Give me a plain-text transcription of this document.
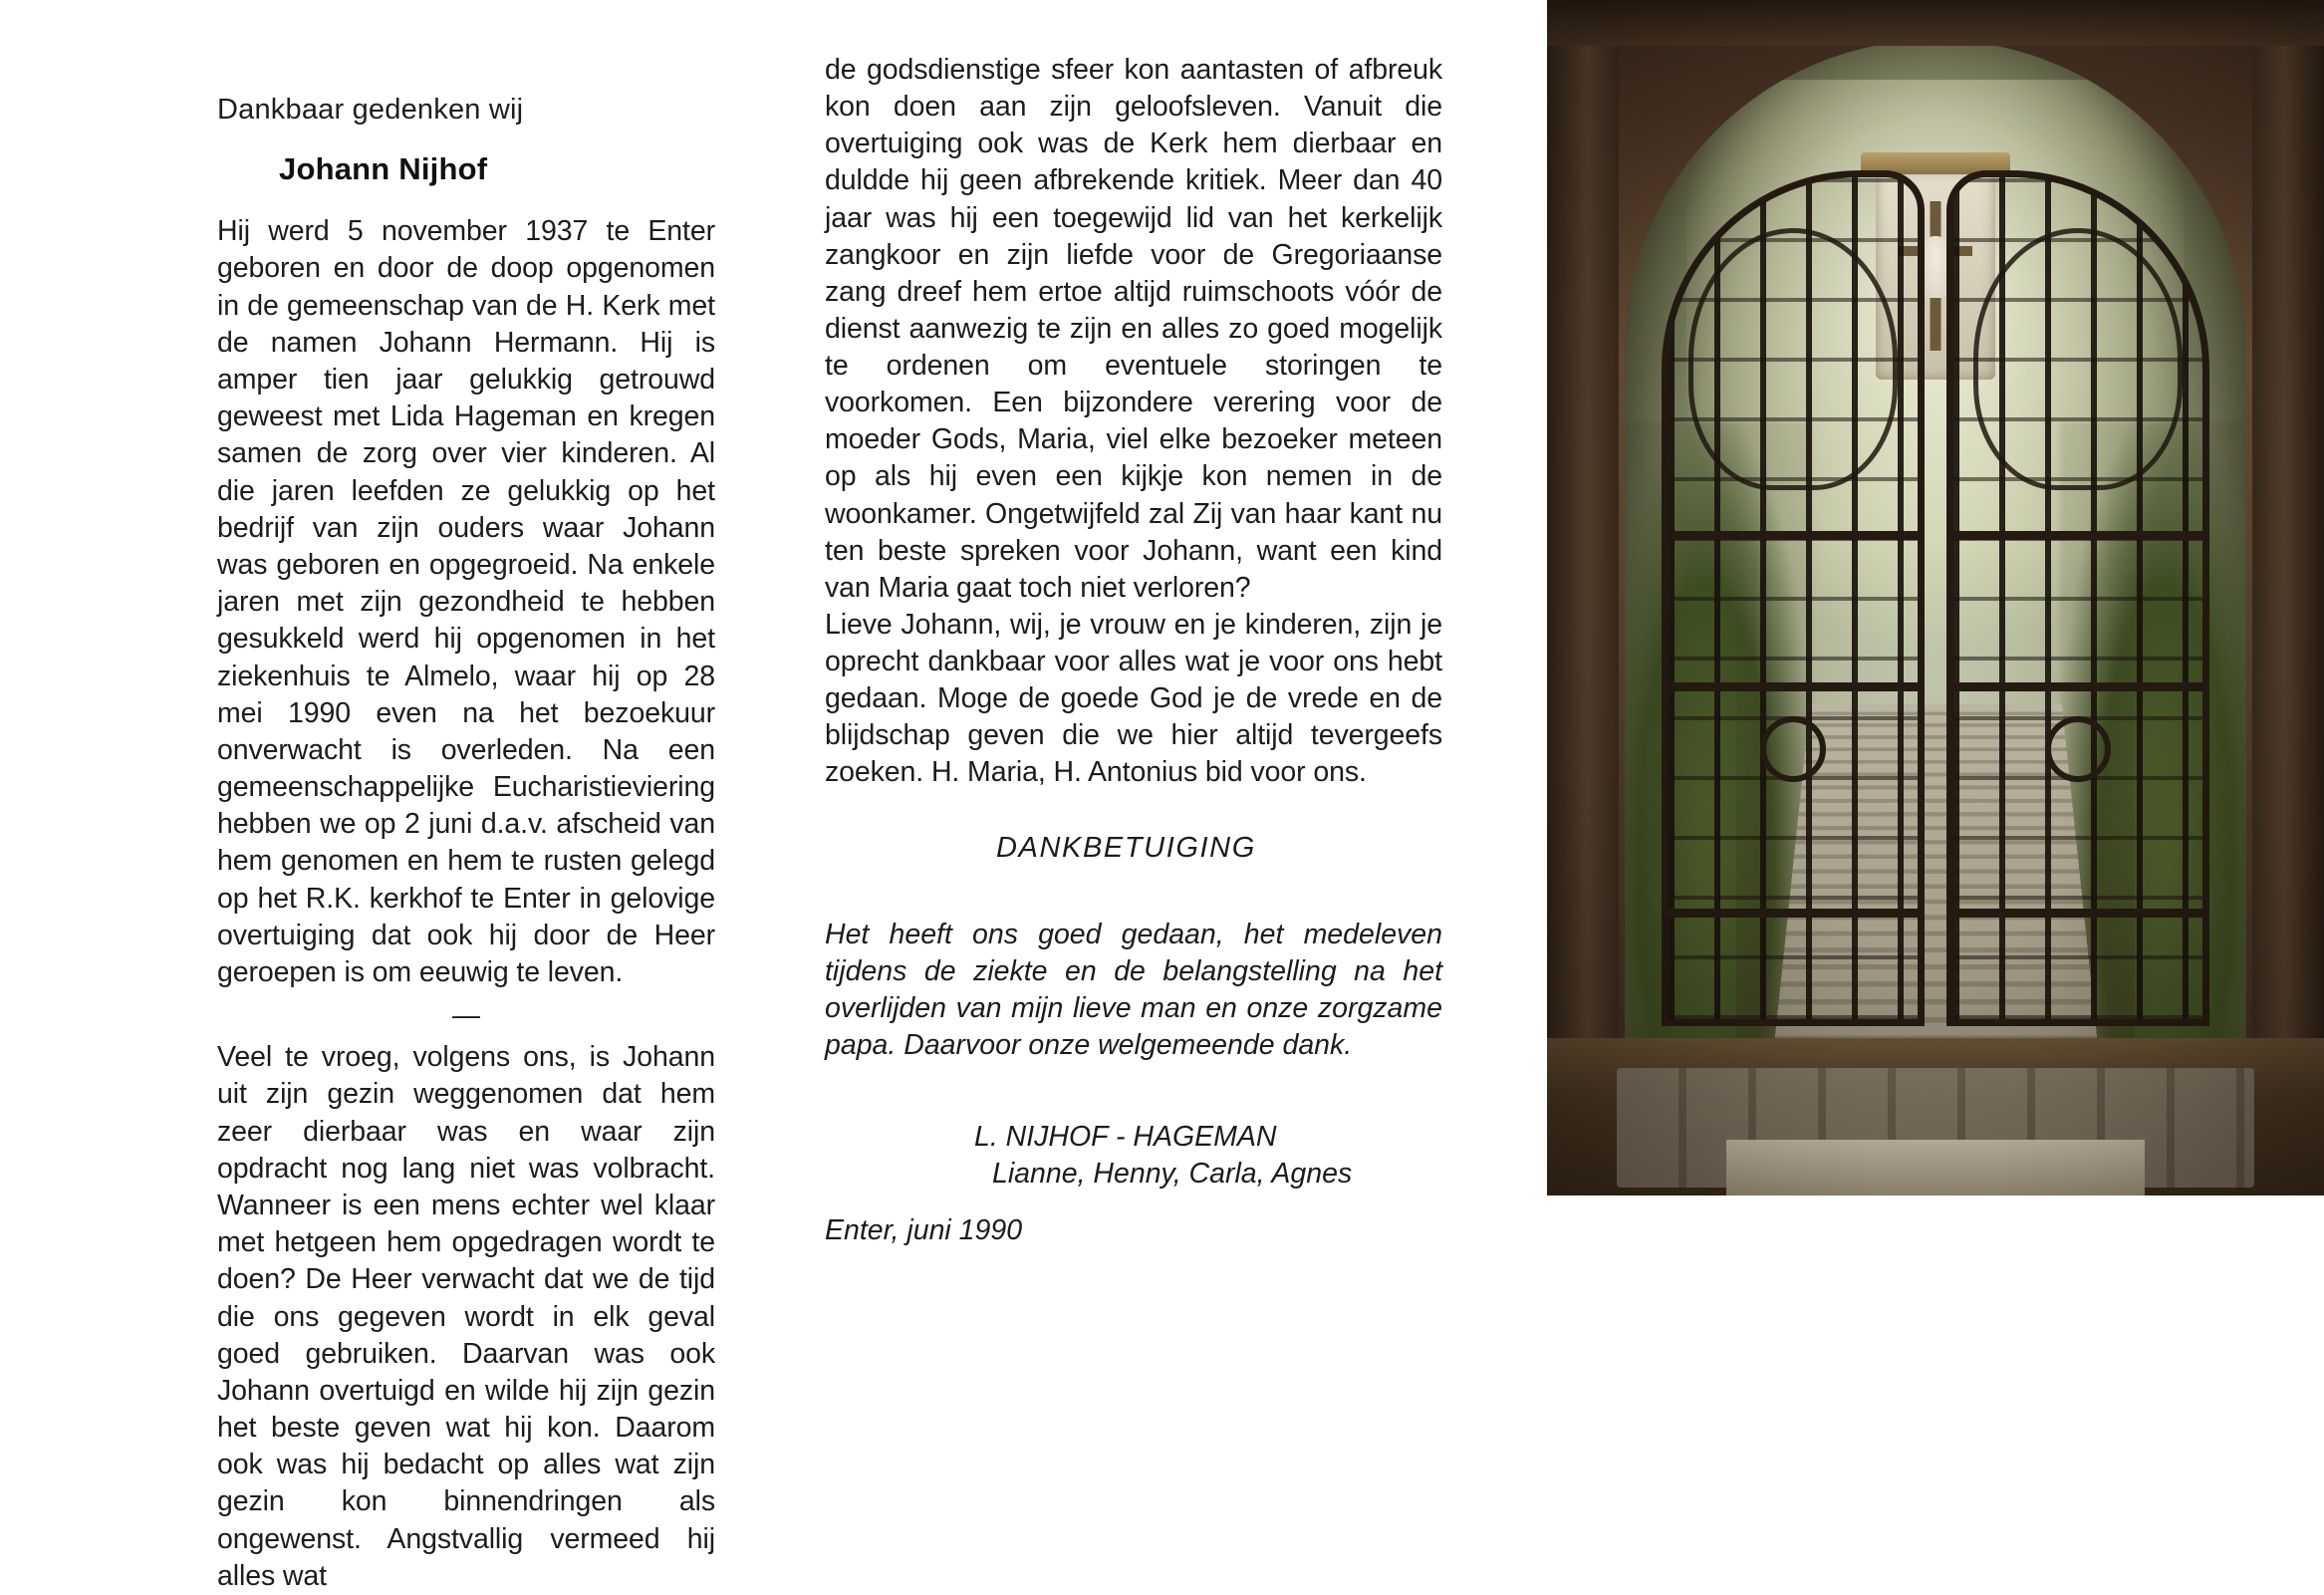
Dankbaar gedenken wij
Johann Nijhof

Hij werd 5 november 1937 te Enter geboren en door de doop opgenomen in de gemeenschap van de H. Kerk met de namen Johann Hermann. Hij is amper tien jaar gelukkig getrouwd geweest met Lida Hageman en kregen samen de zorg over vier kinderen. Al die jaren leefden ze gelukkig op het bedrijf van zijn ouders waar Johann was geboren en opgegroeid. Na enkele jaren met zijn gezondheid te hebben gesukkeld werd hij opgenomen in het ziekenhuis te Almelo, waar hij op 28 mei 1990 even na het bezoekuur onverwacht is overleden. Na een gemeenschappelijke Eucharistieviering hebben we op 2 juni d.a.v. afscheid van hem genomen en hem te rusten gelegd op het R.K. kerkhof te Enter in gelovige overtuiging dat ook hij door de Heer geroepen is om eeuwig te leven.

—

Veel te vroeg, volgens ons, is Johann uit zijn gezin weggenomen dat hem zeer dierbaar was en waar zijn opdracht nog lang niet was volbracht. Wanneer is een mens echter wel klaar met hetgeen hem opgedragen wordt te doen? De Heer verwacht dat we de tijd die ons gegeven wordt in elk geval goed gebruiken. Daarvan was ook Johann overtuigd en wilde hij zijn gezin het beste geven wat hij kon. Daarom ook was hij bedacht op alles wat zijn gezin kon binnendringen als ongewenst. Angstvallig vermeed hij alles wat

de godsdienstige sfeer kon aantasten of afbreuk kon doen aan zijn geloofsleven. Vanuit die overtuiging ook was de Kerk hem dierbaar en duldde hij geen afbrekende kritiek. Meer dan 40 jaar was hij een toegewijd lid van het kerkelijk zangkoor en zijn liefde voor de Gregoriaanse zang dreef hem ertoe altijd ruimschoots vóór de dienst aanwezig te zijn en alles zo goed mogelijk te ordenen om eventuele storingen te voorkomen. Een bijzondere verering voor de moeder Gods, Maria, viel elke bezoeker meteen op als hij even een kijkje kon nemen in de woonkamer. Ongetwijfeld zal Zij van haar kant nu ten beste spreken voor Johann, want een kind van Maria gaat toch niet verloren?

Lieve Johann, wij, je vrouw en je kinderen, zijn je oprecht dankbaar voor alles wat je voor ons hebt gedaan. Moge de goede God je de vrede en de blijdschap geven die we hier altijd tevergeefs zoeken. H. Maria, H. Antonius bid voor ons.

DANKBETUIGING

Het heeft ons goed gedaan, het medeleven tijdens de ziekte en de belangstelling na het overlijden van mijn lieve man en onze zorgzame papa. Daarvoor onze welgemeende dank.

L. NIJHOF - HAGEMAN
Lianne, Henny, Carla, Agnes
Enter, juni 1990
